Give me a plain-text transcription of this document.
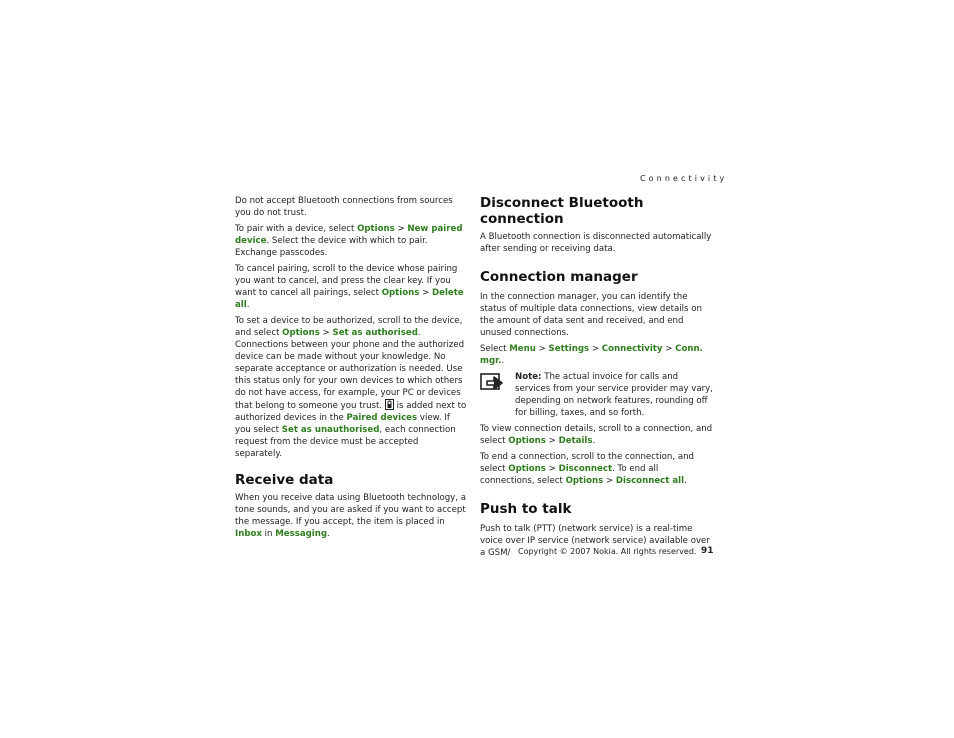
Connectivity

Do not accept Bluetooth connections from sources you do not trust.

To pair with a device, select Options > New paired device. Select the device with which to pair. Exchange passcodes.

To cancel pairing, scroll to the device whose pairing you want to cancel, and press the clear key. If you want to cancel all pairings, select Options > Delete all.

To set a device to be authorized, scroll to the device, and select Options > Set as authorised. Connections between your phone and the authorized device can be made without your knowledge. No separate acceptance or authorization is needed. Use this status only for your own devices to which others do not have access, for example, your PC or devices that belong to someone you trust.  is added next to authorized devices in the Paired devices view. If you select Set as unauthorised, each connection request from the device must be accepted separately.

Receive data

When you receive data using Bluetooth technology, a tone sounds, and you are asked if you want to accept the message. If you accept, the item is placed in Inbox in Messaging.

Disconnect Bluetooth connection

A Bluetooth connection is disconnected automatically after sending or receiving data.

Connection manager

In the connection manager, you can identify the status of multiple data connections, view details on the amount of data sent and received, and end unused connections.

Select Menu > Settings > Connectivity > Conn. mgr..

Note: The actual invoice for calls and services from your service provider may vary, depending on network features, rounding off for billing, taxes, and so forth.

To view connection details, scroll to a connection, and select Options > Details.

To end a connection, scroll to the connection, and select Options > Disconnect. To end all connections, select Options > Disconnect all.

Push to talk

Push to talk (PTT) (network service) is a real-time voice over IP service (network service) available over a GSM/ Copyright © 2007 Nokia. All rights reserved. 91
